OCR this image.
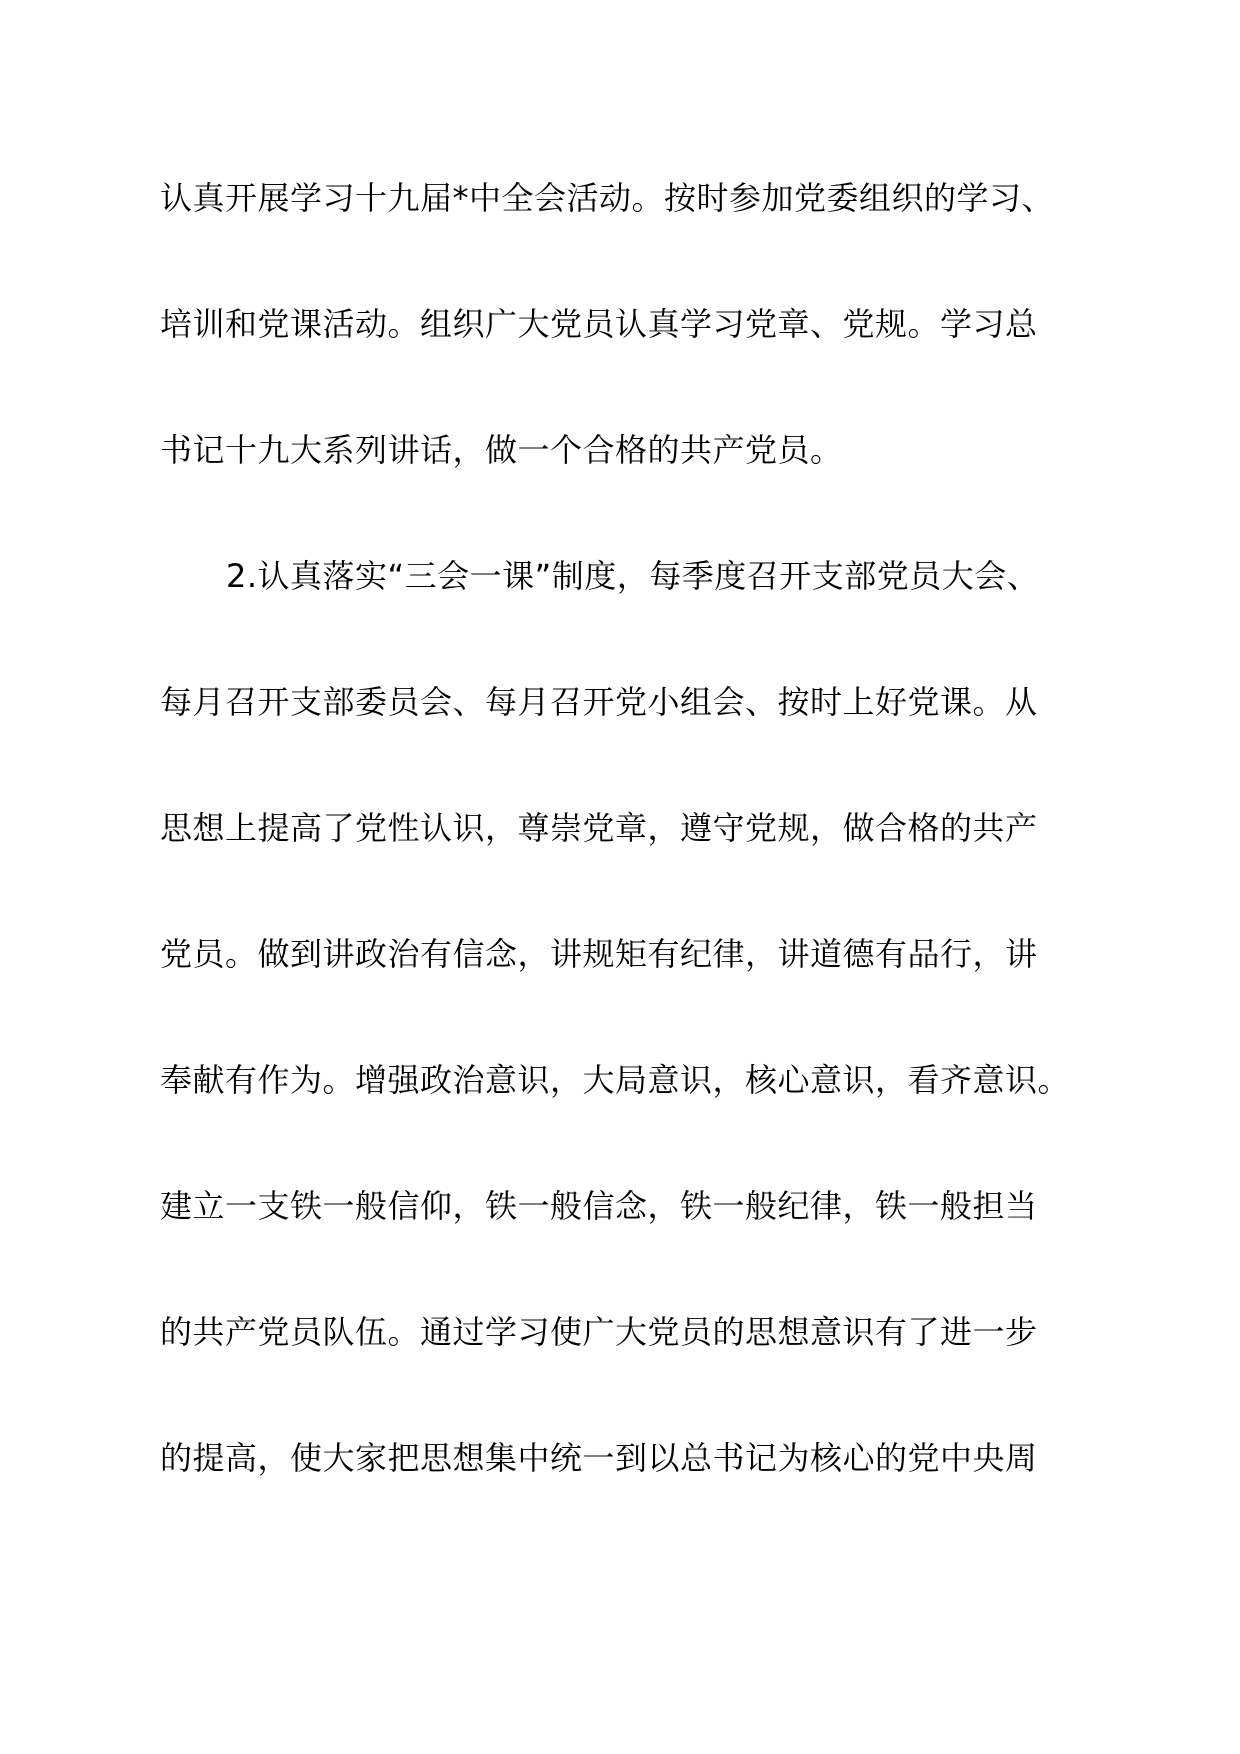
认真开展学习十九届*中全会活动。按时参加党委组织的学习、
培训和党课活动。组织广大党员认真学习党章、党规。学习总
书记十九大系列讲话，做一个合格的共产党员。
2.认真落实“三会一课”制度，每季度召开支部党员大会、
每月召开支部委员会、每月召开党小组会、按时上好党课。从
思想上提高了党性认识，尊崇党章，遵守党规，做合格的共产
党员。做到讲政治有信念，讲规矩有纪律，讲道德有品行，讲
奉献有作为。增强政治意识，大局意识，核心意识，看齐意识。
建立一支铁一般信仰，铁一般信念，铁一般纪律，铁一般担当
的共产党员队伍。通过学习使广大党员的思想意识有了进一步
的提高，使大家把思想集中统一到以总书记为核心的党中央周
